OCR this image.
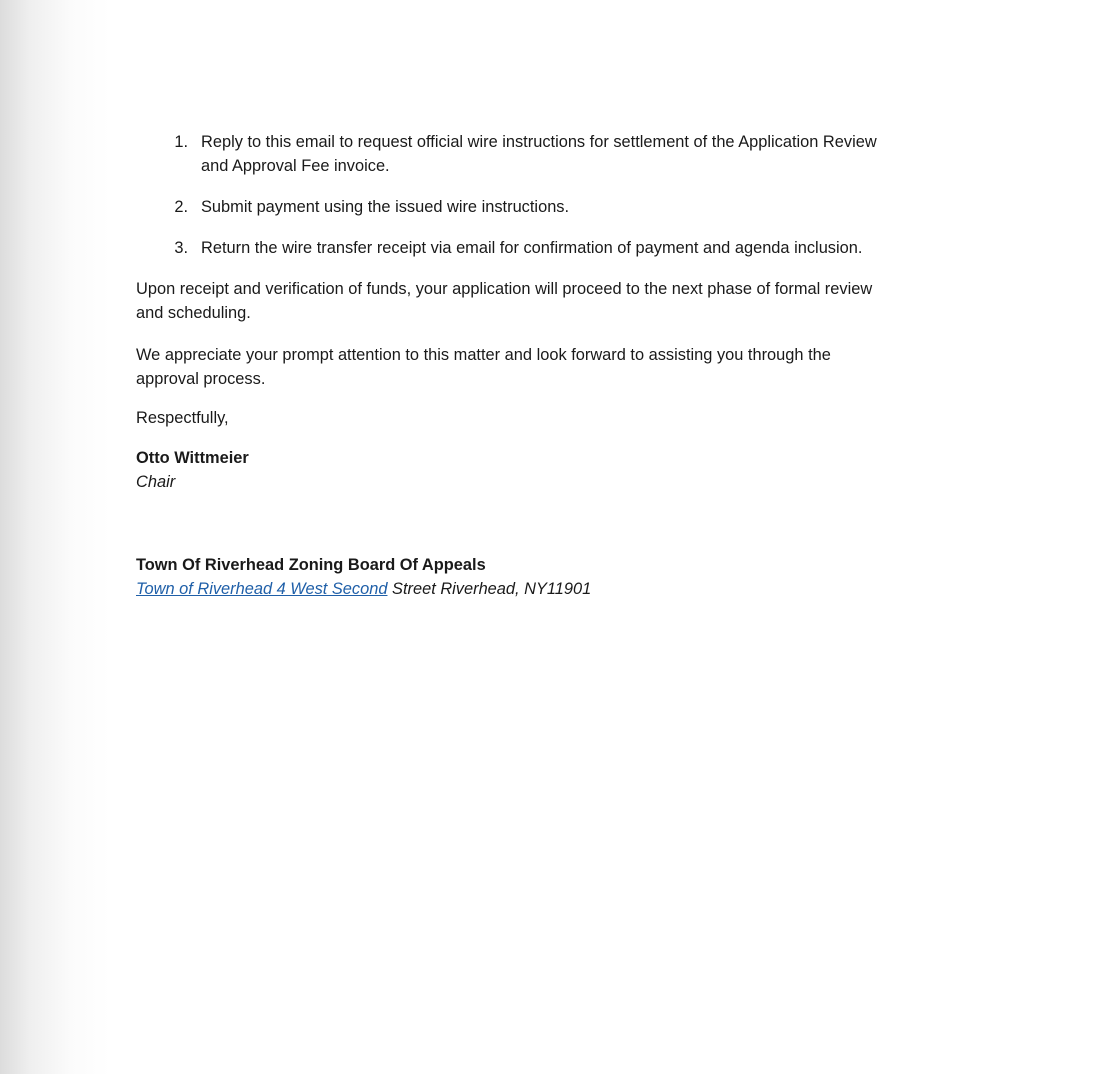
1. Reply to this email to request official wire instructions for settlement of the Application Review
and Approval Fee invoice.
2. Submit payment using the issued wire instructions.
3. Return the wire transfer receipt via email for confirmation of payment and agenda inclusion.
Upon receipt and verification of funds, your application will proceed to the next phase of formal review
and scheduling.
We appreciate your prompt attention to this matter and look forward to assisting you through the
approval process.
Respectfully,
Otto Wittmeier
Chair
Town Of Riverhead Zoning Board Of Appeals
Town of Riverhead 4 West Second Street Riverhead, NY11901
